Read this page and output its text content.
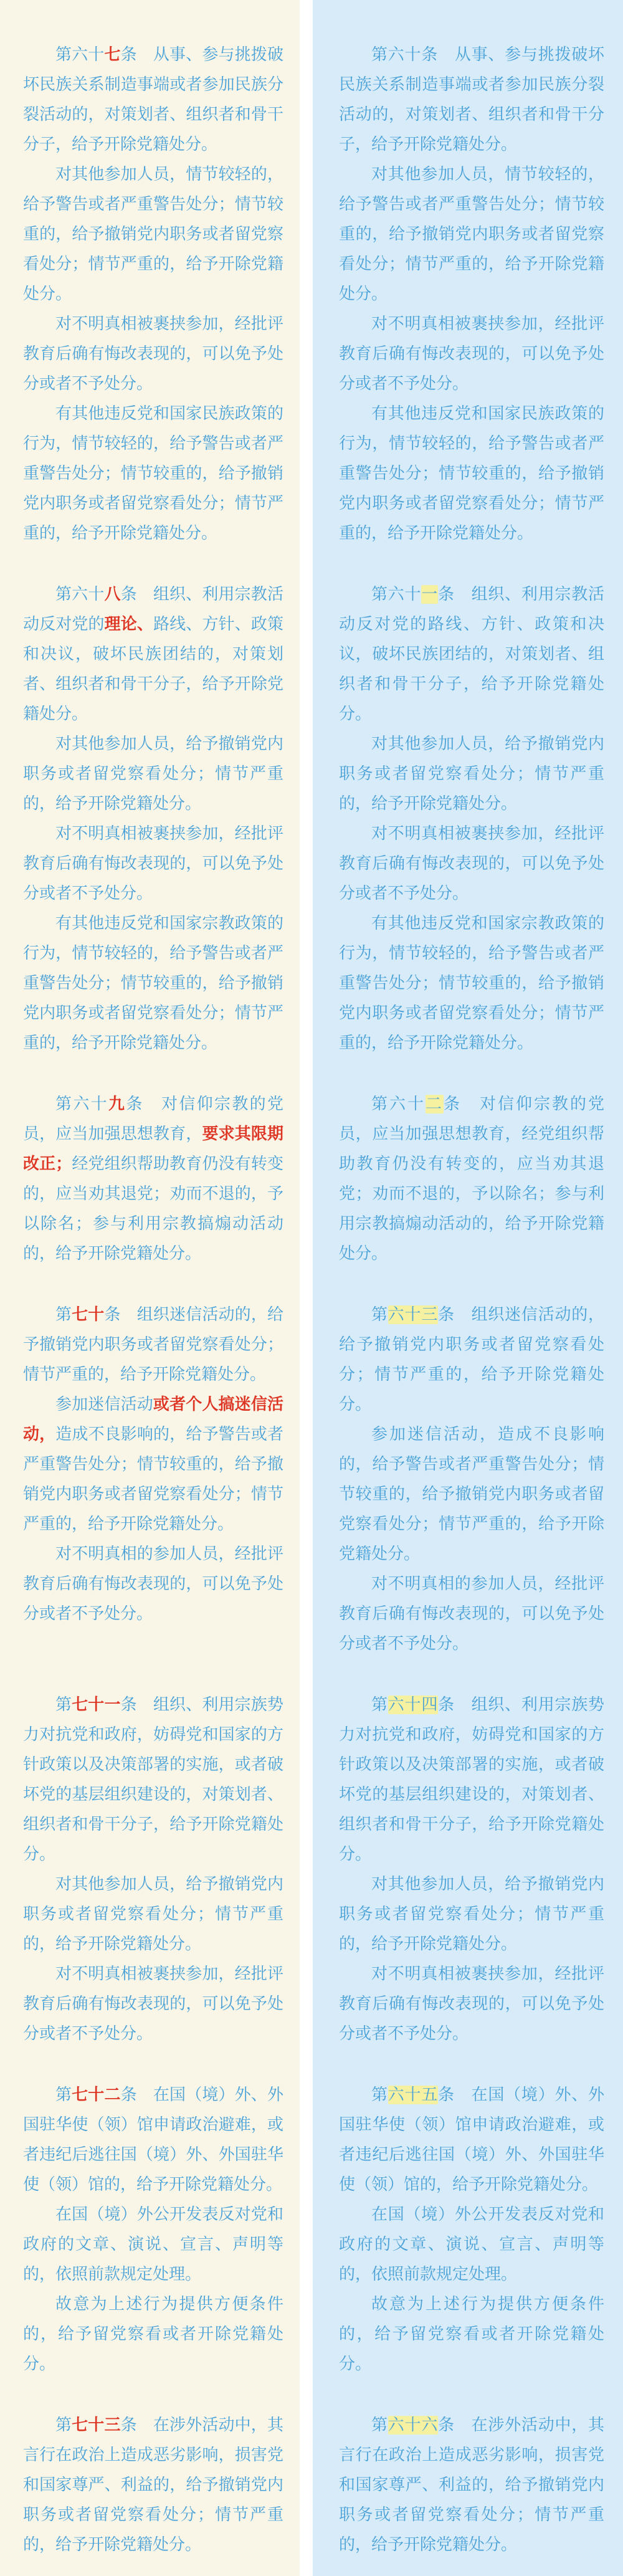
第六十七条　从事、参与挑拨破坏民族关系制造事端或者参加民族分裂活动的，对策划者、组织者和骨干分子，给予开除党籍处分。

对其他参加人员，情节较轻的，给予警告或者严重警告处分；情节较重的，给予撤销党内职务或者留党察看处分；情节严重的，给予开除党籍处分。

对不明真相被裹挟参加，经批评教育后确有悔改表现的，可以免予处分或者不予处分。

有其他违反党和国家民族政策的行为，情节较轻的，给予警告或者严重警告处分；情节较重的，给予撤销党内职务或者留党察看处分；情节严重的，给予开除党籍处分。

第六十条　从事、参与挑拨破坏民族关系制造事端或者参加民族分裂活动的，对策划者、组织者和骨干分子，给予开除党籍处分。

对其他参加人员，情节较轻的，给予警告或者严重警告处分；情节较重的，给予撤销党内职务或者留党察看处分；情节严重的，给予开除党籍处分。

对不明真相被裹挟参加，经批评教育后确有悔改表现的，可以免予处分或者不予处分。

有其他违反党和国家民族政策的行为，情节较轻的，给予警告或者严重警告处分；情节较重的，给予撤销党内职务或者留党察看处分；情节严重的，给予开除党籍处分。

第六十八条　组织、利用宗教活动反对党的理论、路线、方针、政策和决议，破坏民族团结的，对策划者、组织者和骨干分子，给予开除党籍处分。

对其他参加人员，给予撤销党内职务或者留党察看处分；情节严重的，给予开除党籍处分。

对不明真相被裹挟参加，经批评教育后确有悔改表现的，可以免予处分或者不予处分。

有其他违反党和国家宗教政策的行为，情节较轻的，给予警告或者严重警告处分；情节较重的，给予撤销党内职务或者留党察看处分；情节严重的，给予开除党籍处分。

第六十一条　组织、利用宗教活动反对党的路线、方针、政策和决议，破坏民族团结的，对策划者、组织者和骨干分子，给予开除党籍处分。

对其他参加人员，给予撤销党内职务或者留党察看处分；情节严重的，给予开除党籍处分。

对不明真相被裹挟参加，经批评教育后确有悔改表现的，可以免予处分或者不予处分。

有其他违反党和国家宗教政策的行为，情节较轻的，给予警告或者严重警告处分；情节较重的，给予撤销党内职务或者留党察看处分；情节严重的，给予开除党籍处分。

第六十九条　对信仰宗教的党员，应当加强思想教育，要求其限期改正；经党组织帮助教育仍没有转变的，应当劝其退党；劝而不退的，予以除名；参与利用宗教搞煽动活动的，给予开除党籍处分。

第六十二条　对信仰宗教的党员，应当加强思想教育，经党组织帮助教育仍没有转变的，应当劝其退党；劝而不退的，予以除名；参与利用宗教搞煽动活动的，给予开除党籍处分。

第七十条　组织迷信活动的，给予撤销党内职务或者留党察看处分；情节严重的，给予开除党籍处分。

参加迷信活动或者个人搞迷信活动，造成不良影响的，给予警告或者严重警告处分；情节较重的，给予撤销党内职务或者留党察看处分；情节严重的，给予开除党籍处分。

对不明真相的参加人员，经批评教育后确有悔改表现的，可以免予处分或者不予处分。

第六十三条　组织迷信活动的，给予撤销党内职务或者留党察看处分；情节严重的，给予开除党籍处分。

参加迷信活动，造成不良影响的，给予警告或者严重警告处分；情节较重的，给予撤销党内职务或者留党察看处分；情节严重的，给予开除党籍处分。

对不明真相的参加人员，经批评教育后确有悔改表现的，可以免予处分或者不予处分。

第七十一条　组织、利用宗族势力对抗党和政府，妨碍党和国家的方针政策以及决策部署的实施，或者破坏党的基层组织建设的，对策划者、组织者和骨干分子，给予开除党籍处分。

对其他参加人员，给予撤销党内职务或者留党察看处分；情节严重的，给予开除党籍处分。

对不明真相被裹挟参加，经批评教育后确有悔改表现的，可以免予处分或者不予处分。

第六十四条　组织、利用宗族势力对抗党和政府，妨碍党和国家的方针政策以及决策部署的实施，或者破坏党的基层组织建设的，对策划者、组织者和骨干分子，给予开除党籍处分。

对其他参加人员，给予撤销党内职务或者留党察看处分；情节严重的，给予开除党籍处分。

对不明真相被裹挟参加，经批评教育后确有悔改表现的，可以免予处分或者不予处分。

第七十二条　在国（境）外、外国驻华使（领）馆申请政治避难，或者违纪后逃往国（境）外、外国驻华使（领）馆的，给予开除党籍处分。

在国（境）外公开发表反对党和政府的文章、演说、宣言、声明等的，依照前款规定处理。

故意为上述行为提供方便条件的，给予留党察看或者开除党籍处分。

第六十五条　在国（境）外、外国驻华使（领）馆申请政治避难，或者违纪后逃往国（境）外、外国驻华使（领）馆的，给予开除党籍处分。

在国（境）外公开发表反对党和政府的文章、演说、宣言、声明等的，依照前款规定处理。

故意为上述行为提供方便条件的，给予留党察看或者开除党籍处分。

第七十三条　在涉外活动中，其言行在政治上造成恶劣影响，损害党和国家尊严、利益的，给予撤销党内职务或者留党察看处分；情节严重的，给予开除党籍处分。

第六十六条　在涉外活动中，其言行在政治上造成恶劣影响，损害党和国家尊严、利益的，给予撤销党内职务或者留党察看处分；情节严重的，给予开除党籍处分。
